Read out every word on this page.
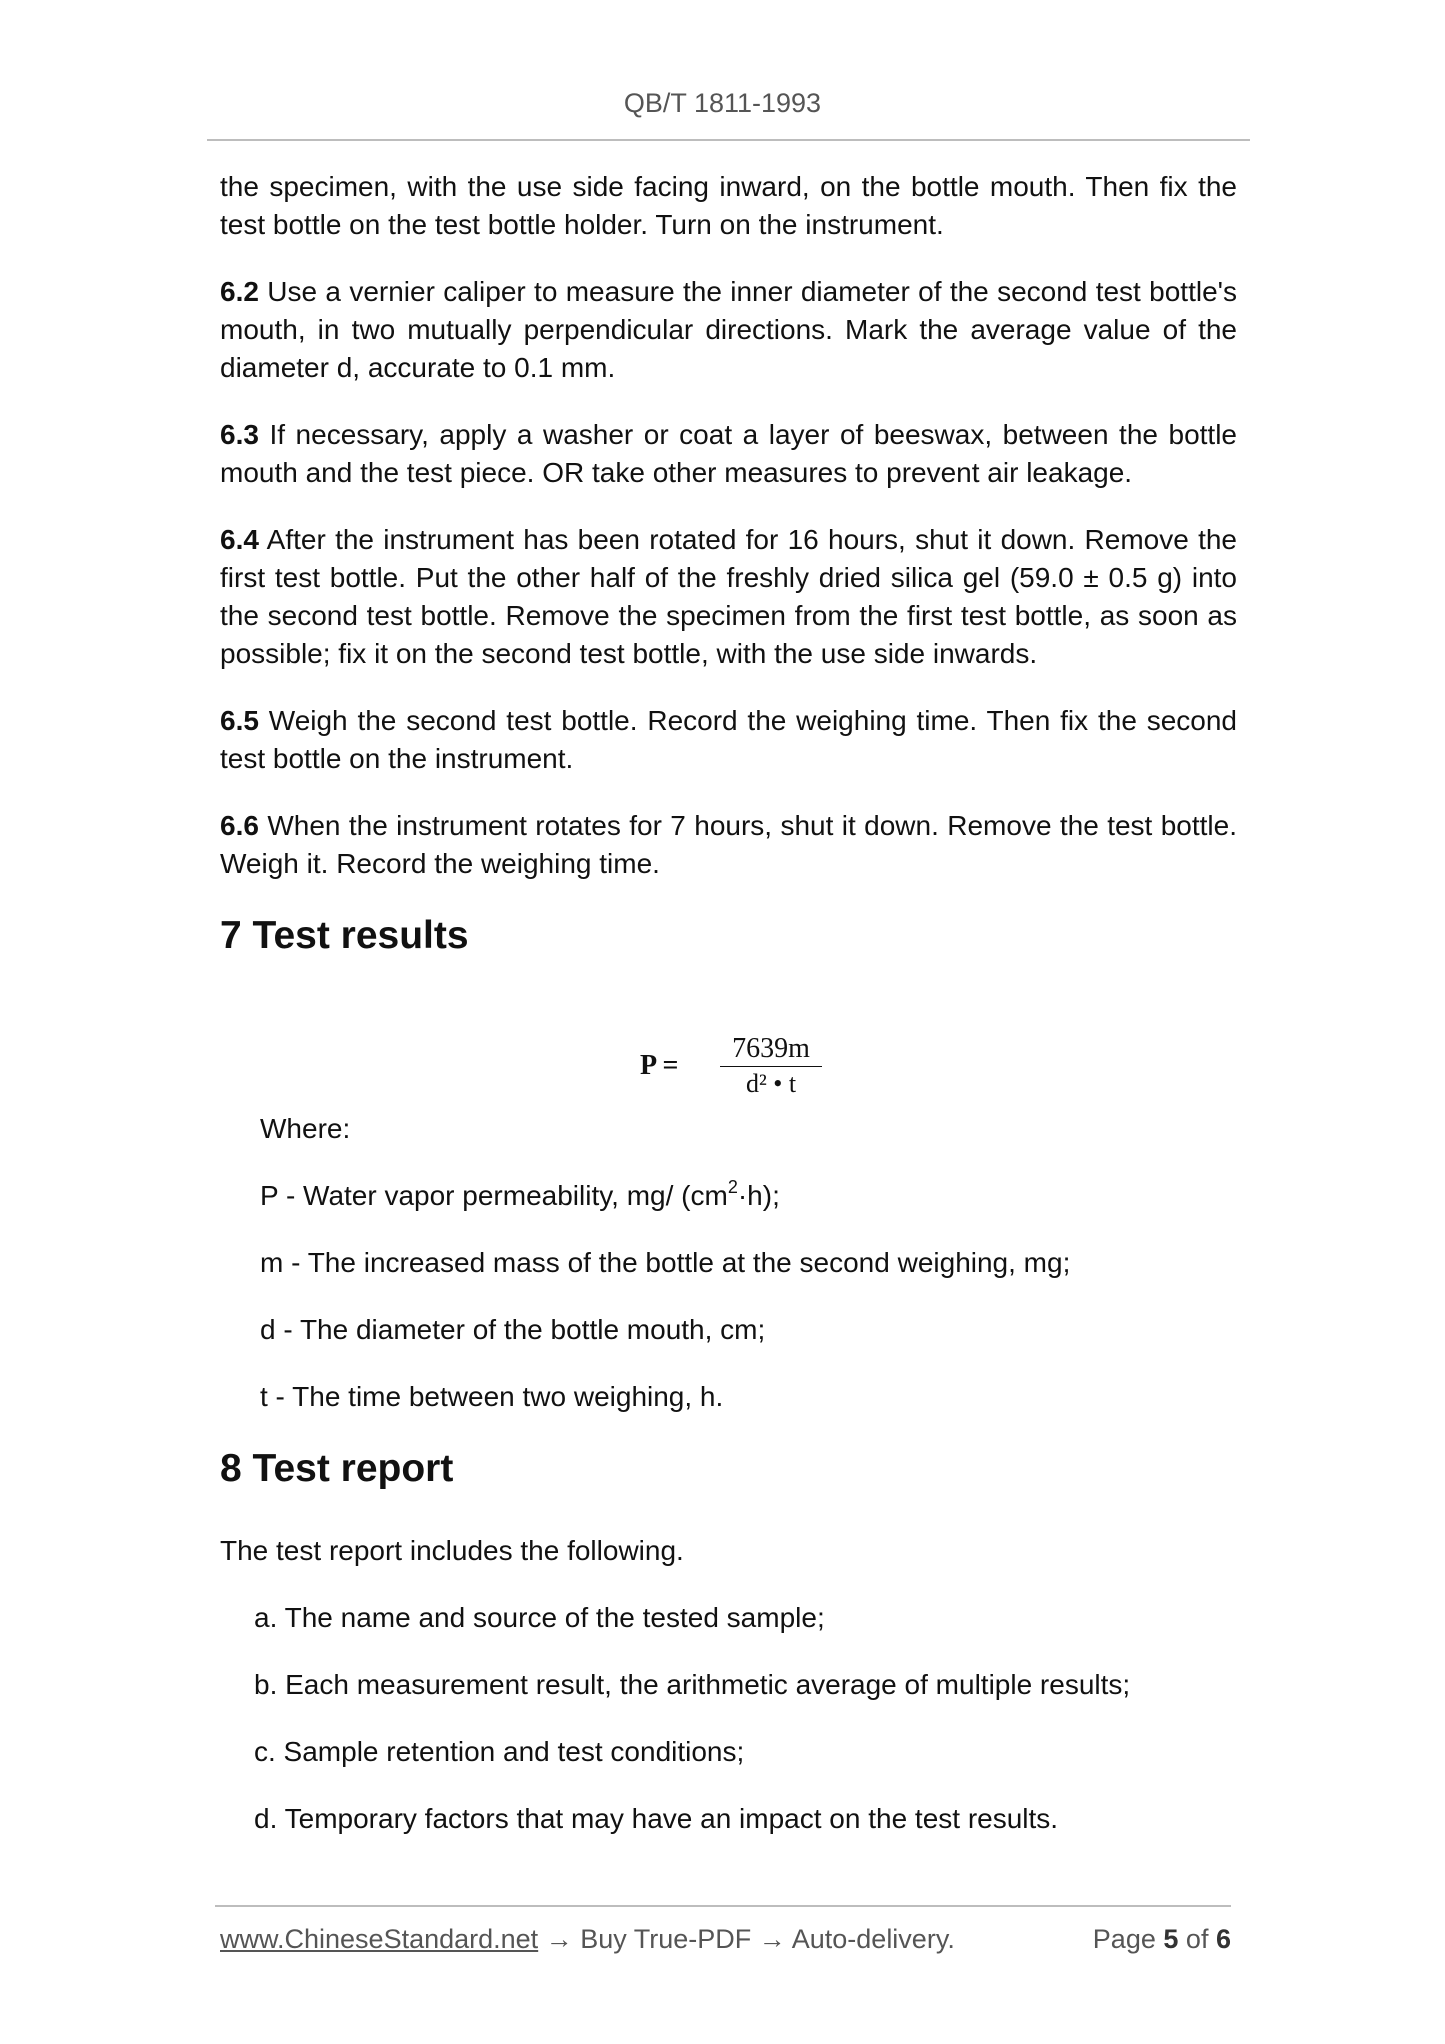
QB/T 1811-1993

the specimen, with the use side facing inward, on the bottle mouth. Then fix the test bottle on the test bottle holder. Turn on the instrument.

6.2 Use a vernier caliper to measure the inner diameter of the second test bottle's mouth, in two mutually perpendicular directions. Mark the average value of the diameter d, accurate to 0.1 mm.

6.3 If necessary, apply a washer or coat a layer of beeswax, between the bottle mouth and the test piece. OR take other measures to prevent air leakage.

6.4 After the instrument has been rotated for 16 hours, shut it down. Remove the first test bottle. Put the other half of the freshly dried silica gel (59.0 ± 0.5 g) into the second test bottle. Remove the specimen from the first test bottle, as soon as possible; fix it on the second test bottle, with the use side inwards.

6.5 Weigh the second test bottle. Record the weighing time. Then fix the second test bottle on the instrument.

6.6 When the instrument rotates for 7 hours, shut it down. Remove the test bottle. Weigh it. Record the weighing time.

7 Test results
P =
7639m
d² • t

Where:

P - Water vapor permeability, mg/ $(cm^2\cdot h)$;

m - The increased mass of the bottle at the second weighing, mg;

d - The diameter of the bottle mouth, cm;

t - The time between two weighing, h.

8 Test report

The test report includes the following.

a. The name and source of the tested sample;

b. Each measurement result, the arithmetic average of multiple results;

c. Sample retention and test conditions;

d. Temporary factors that may have an impact on the test results.

www.ChineseStandard.net → Buy True-PDF → Auto-delivery.	Page 5 of 6
